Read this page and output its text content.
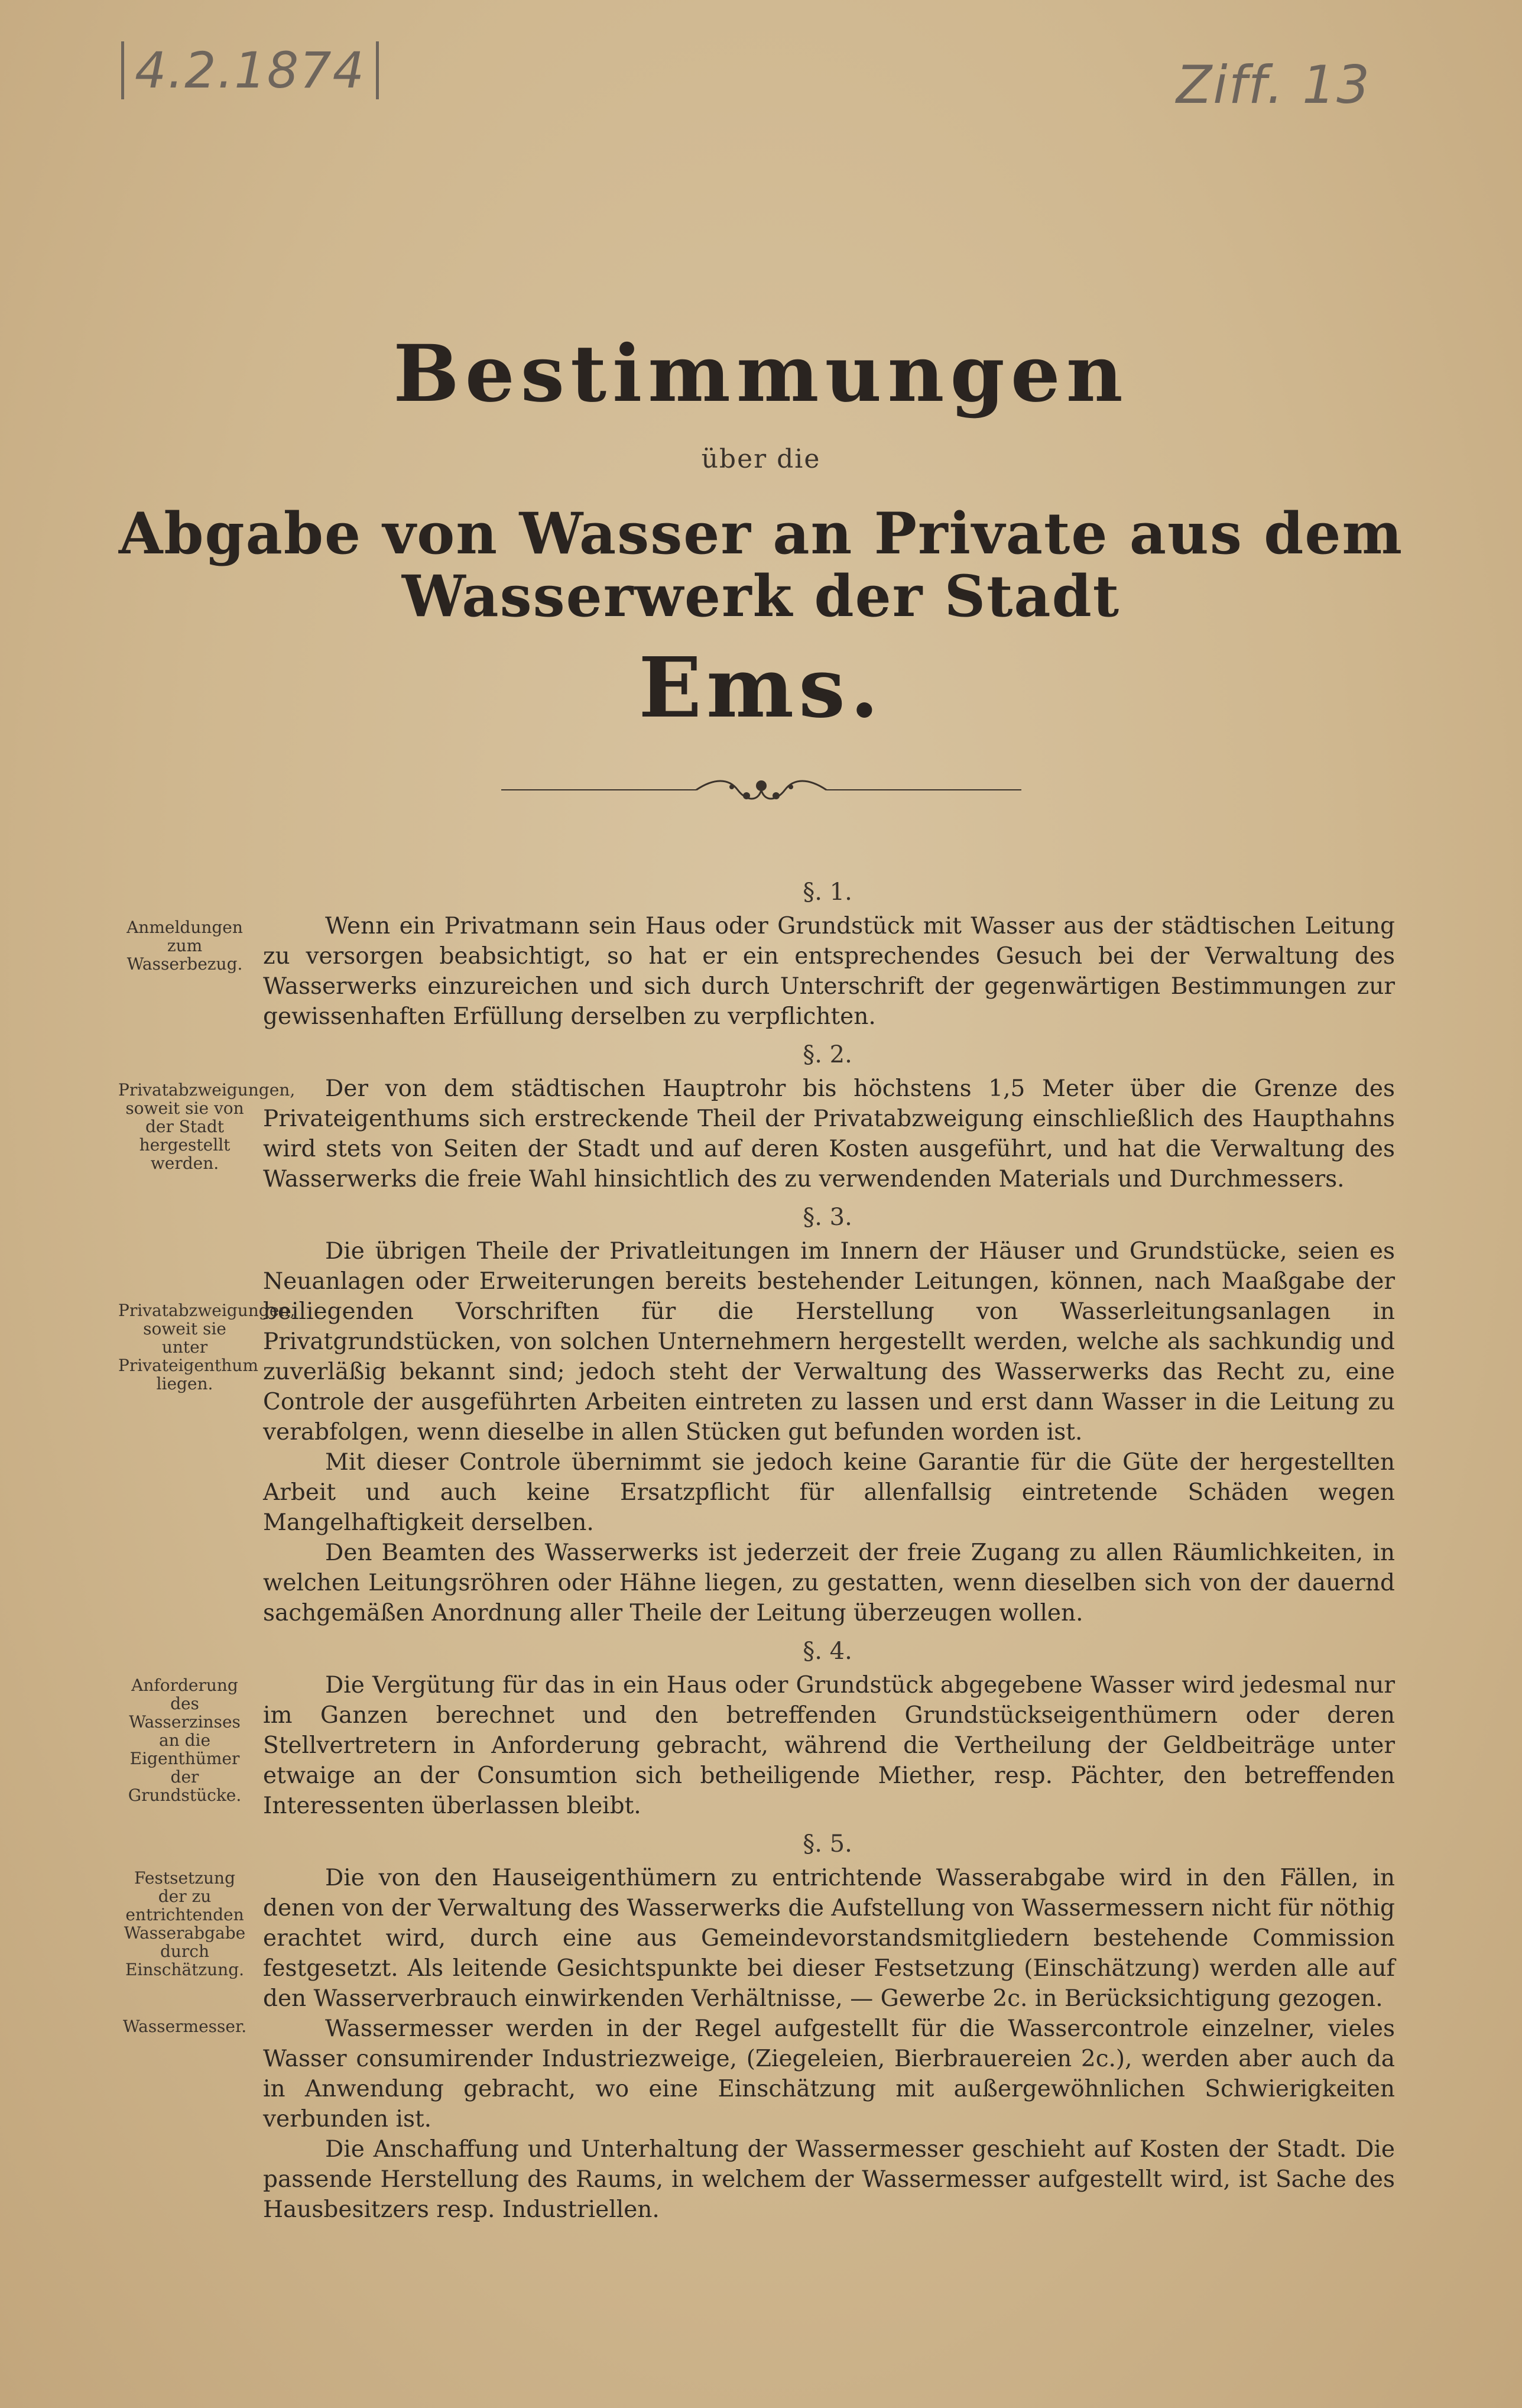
4.2.1874	Ziff. 13
Bestimmungen
über die
Abgabe von Wasser an Private aus dem Wasserwerk der Stadt
Ems.
§. 1.
Anmeldungen zum Wasserbezug.

Wenn ein Privatmann sein Haus oder Grundstück mit Wasser aus der städtischen Leitung zu versorgen beabsichtigt, so hat er ein entsprechendes Gesuch bei der Verwaltung des Wasserwerks einzureichen und sich durch Unterschrift der gegenwärtigen Bestimmungen zur gewissenhaften Erfüllung derselben zu verpflichten.

§. 2.
Privatabzweigungen, soweit sie von der Stadt hergestellt werden.

Der von dem städtischen Hauptrohr bis höchstens 1,5 Meter über die Grenze des Privateigenthums sich erstreckende Theil der Privatabzweigung einschließlich des Haupthahns wird stets von Seiten der Stadt und auf deren Kosten ausgeführt, und hat die Verwaltung des Wasserwerks die freie Wahl hinsichtlich des zu verwendenden Materials und Durchmessers.

§. 3.
Privatabzweigungen, soweit sie unter Privateigenthum liegen.

Die übrigen Theile der Privatleitungen im Innern der Häuser und Grundstücke, seien es Neuanlagen oder Erweiterungen bereits bestehender Leitungen, können, nach Maaßgabe der beiliegenden Vorschriften für die Herstellung von Wasserleitungsanlagen in Privatgrundstücken, von solchen Unternehmern hergestellt werden, welche als sachkundig und zuverläßig bekannt sind; jedoch steht der Verwaltung des Wasserwerks das Recht zu, eine Controle der ausgeführten Arbeiten eintreten zu lassen und erst dann Wasser in die Leitung zu verabfolgen, wenn dieselbe in allen Stücken gut befunden worden ist.

Mit dieser Controle übernimmt sie jedoch keine Garantie für die Güte der hergestellten Arbeit und auch keine Ersatzpflicht für allenfallsig eintretende Schäden wegen Mangelhaftigkeit derselben.

Den Beamten des Wasserwerks ist jederzeit der freie Zugang zu allen Räumlichkeiten, in welchen Leitungsröhren oder Hähne liegen, zu gestatten, wenn dieselben sich von der dauernd sachgemäßen Anordnung aller Theile der Leitung überzeugen wollen.

§. 4.
Anforderung des Wasserzinses an die Eigenthümer der Grundstücke.

Die Vergütung für das in ein Haus oder Grundstück abgegebene Wasser wird jedesmal nur im Ganzen berechnet und den betreffenden Grundstückseigenthümern oder deren Stellvertretern in Anforderung gebracht, während die Vertheilung der Geldbeiträge unter etwaige an der Consumtion sich betheiligende Miether, resp. Pächter, den betreffenden Interessenten überlassen bleibt.

§. 5.
Festsetzung der zu entrichtenden Wasserabgabe durch Einschätzung.

Die von den Hauseigenthümern zu entrichtende Wasserabgabe wird in den Fällen, in denen von der Verwaltung des Wasserwerks die Aufstellung von Wassermessern nicht für nöthig erachtet wird, durch eine aus Gemeindevorstandsmitgliedern bestehende Commission festgesetzt. Als leitende Gesichtspunkte bei dieser Festsetzung (Einschätzung) werden alle auf den Wasserverbrauch einwirkenden Verhältnisse, — Gewerbe 2c. in Berücksichtigung gezogen.

Wassermesser.	Wassermesser werden in der Regel aufgestellt für die Wassercontrole einzelner, vieles Wasser consumirender Industriezweige, (Ziegeleien, Bierbrauereien 2c.), werden aber auch da in Anwendung gebracht, wo eine Einschätzung mit außergewöhnlichen Schwierigkeiten verbunden ist.

Die Anschaffung und Unterhaltung der Wassermesser geschieht auf Kosten der Stadt. Die passende Herstellung des Raums, in welchem der Wassermesser aufgestellt wird, ist Sache des Hausbesitzers resp. Industriellen.
